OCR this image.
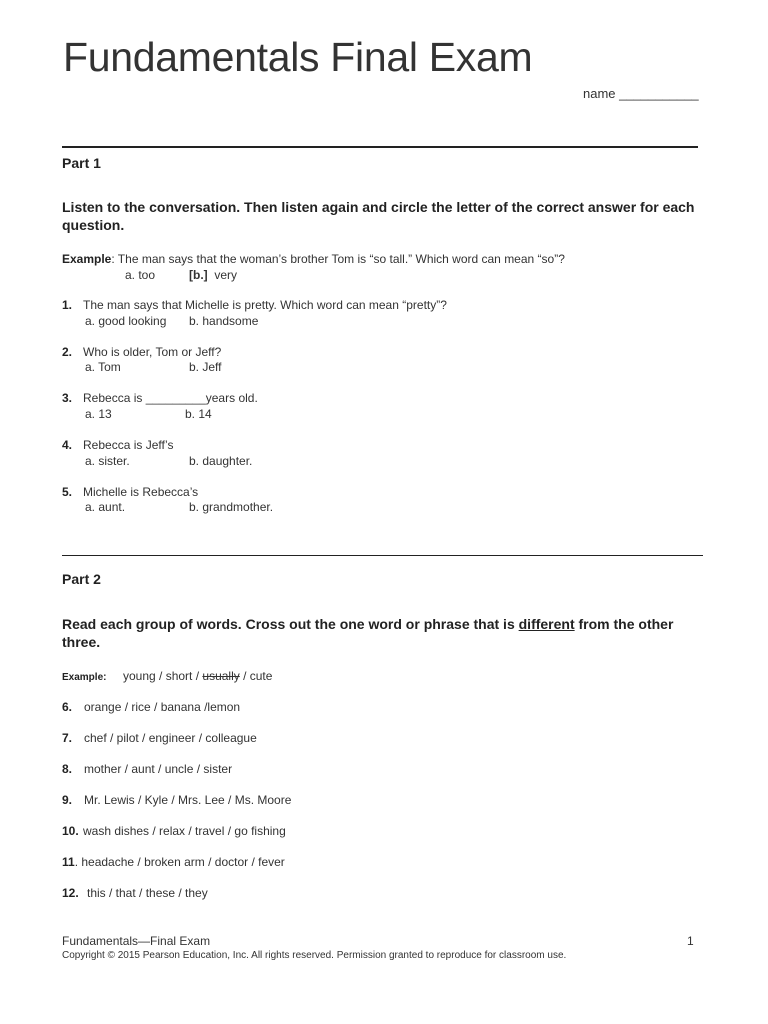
Fundamentals Final Exam
name ___________
Part 1
Listen to the conversation. Then listen again and circle the letter of the correct answer for each question.
Example: The man says that the woman’s brother Tom is “so tall.” Which word can mean “so”?
a. too	[b.] very
1. The man says that Michelle is pretty. Which word can mean “pretty”?
a. good looking b. handsome
2. Who is older, Tom or Jeff?
a. Tom	b. Jeff
3. Rebecca is _________years old.
a. 13	b. 14
4. Rebecca is Jeff’s
a. sister.	b. daughter.
5. Michelle is Rebecca’s
a. aunt.	b. grandmother.
Part 2
Read each group of words. Cross out the one word or phrase that is different from the other three.
Example: young / short / usually / cute
6. orange / rice / banana /lemon
7. chef / pilot / engineer / colleague
8. mother / aunt / uncle / sister
9. Mr. Lewis / Kyle / Mrs. Lee / Ms. Moore
10. wash dishes / relax / travel / go fishing
11. headache / broken arm / doctor / fever
12. this / that / these / they
Fundamentals—Final Exam	1
Copyright © 2015 Pearson Education, Inc. All rights reserved. Permission granted to reproduce for classroom use.
